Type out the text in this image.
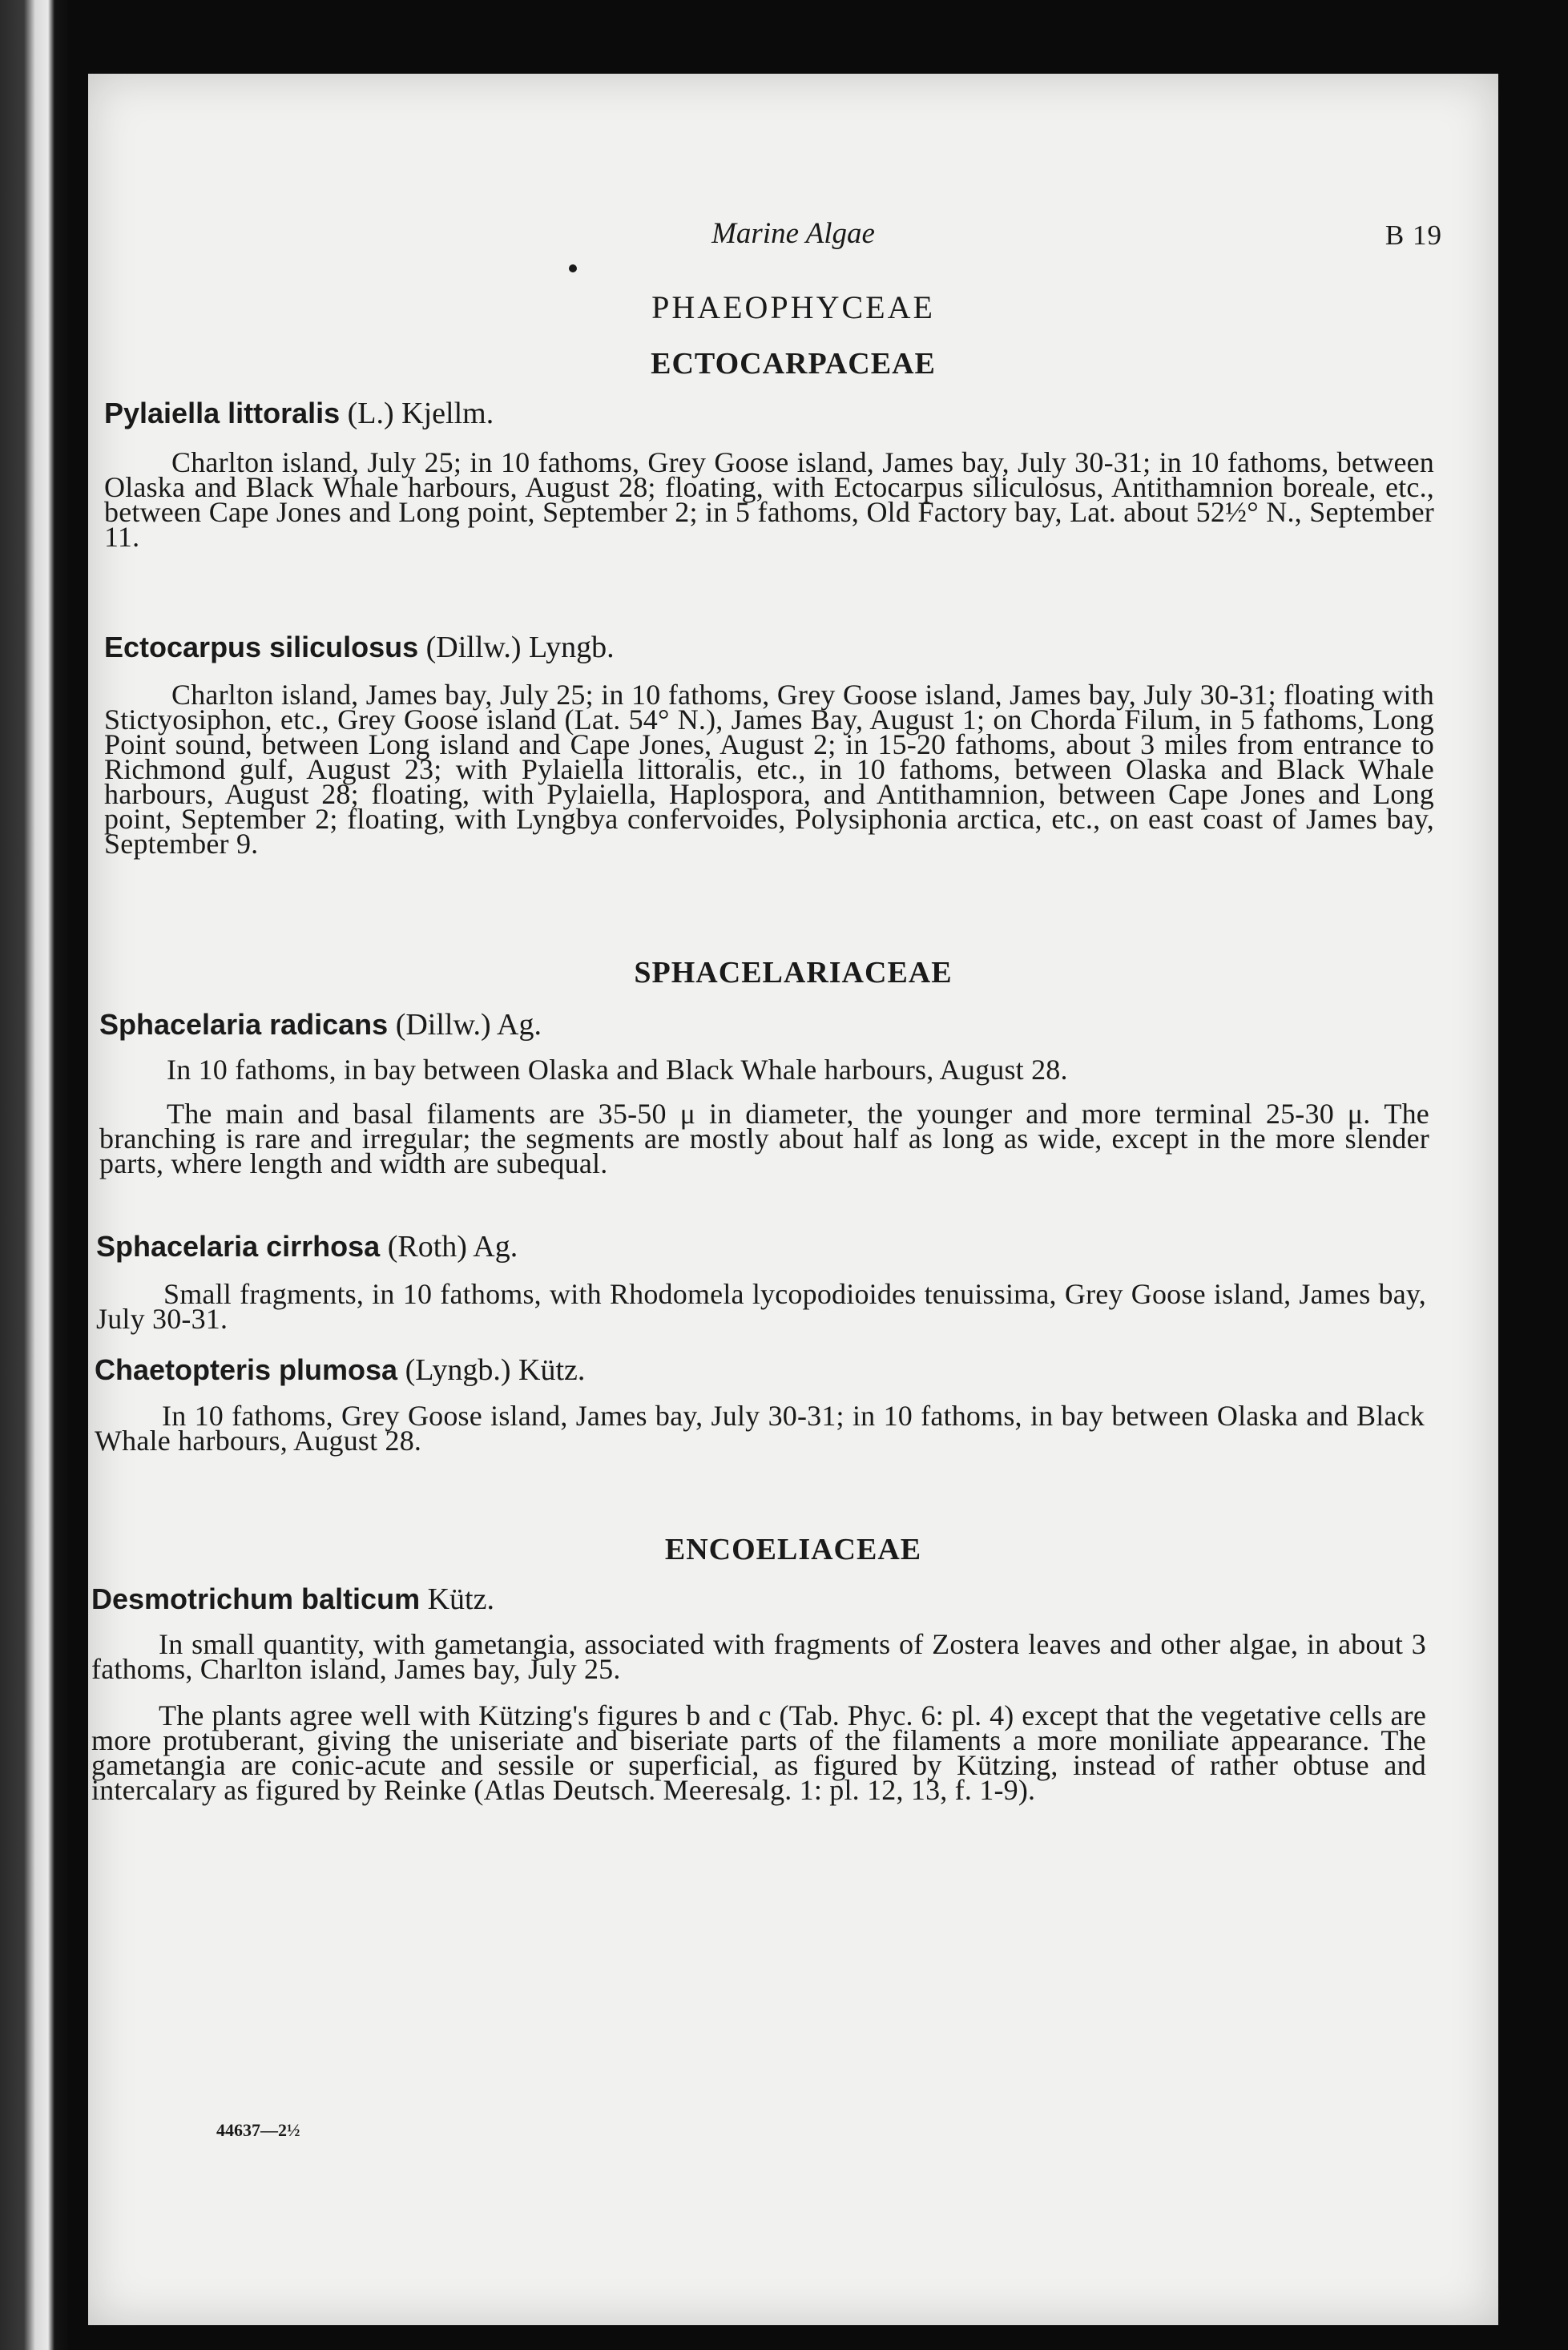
Marine Algae	B 19
PHAEOPHYCEAE
ECTOCARPACEAE
Pylaiella littoralis (L.) Kjellm.
Charlton island, July 25; in 10 fathoms, Grey Goose island, James bay, July 30-31; in 10 fathoms, between Olaska and Black Whale harbours, August 28; floating, with Ectocarpus siliculosus, Antithamnion boreale, etc., between Cape Jones and Long point, September 2; in 5 fathoms, Old Factory bay, Lat. about 52½° N., September 11.
Ectocarpus siliculosus (Dillw.) Lyngb.
Charlton island, James bay, July 25; in 10 fathoms, Grey Goose island, James bay, July 30-31; floating with Stictyosiphon, etc., Grey Goose island (Lat. 54° N.), James Bay, August 1; on Chorda Filum, in 5 fathoms, Long Point sound, between Long island and Cape Jones, August 2; in 15-20 fathoms, about 3 miles from entrance to Richmond gulf, August 23; with Pylaiella littoralis, etc., in 10 fathoms, between Olaska and Black Whale harbours, August 28; floating, with Pylaiella, Haplospora, and Antithamnion, between Cape Jones and Long point, September 2; floating, with Lyngbya confervoides, Polysiphonia arctica, etc., on east coast of James bay, September 9.
SPHACELARIACEAE
Sphacelaria radicans (Dillw.) Ag.
In 10 fathoms, in bay between Olaska and Black Whale harbours, August 28.
The main and basal filaments are 35-50 μ in diameter, the younger and more terminal 25-30 μ. The branching is rare and irregular; the segments are mostly about half as long as wide, except in the more slender parts, where length and width are subequal.
Sphacelaria cirrhosa (Roth) Ag.
Small fragments, in 10 fathoms, with Rhodomela lycopodioides tenuissima, Grey Goose island, James bay, July 30-31.
Chaetopteris plumosa (Lyngb.) Kütz.
In 10 fathoms, Grey Goose island, James bay, July 30-31; in 10 fathoms, in bay between Olaska and Black Whale harbours, August 28.
ENCOELIACEAE
Desmotrichum balticum Kütz.
In small quantity, with gametangia, associated with fragments of Zostera leaves and other algae, in about 3 fathoms, Charlton island, James bay, July 25.
The plants agree well with Kützing's figures b and c (Tab. Phyc. 6: pl. 4) except that the vegetative cells are more protuberant, giving the uniseriate and biseriate parts of the filaments a more moniliate appearance. The gametangia are conic-acute and sessile or superficial, as figured by Kützing, instead of rather obtuse and intercalary as figured by Reinke (Atlas Deutsch. Meeresalg. 1: pl. 12, 13, f. 1-9).
44637—2½
